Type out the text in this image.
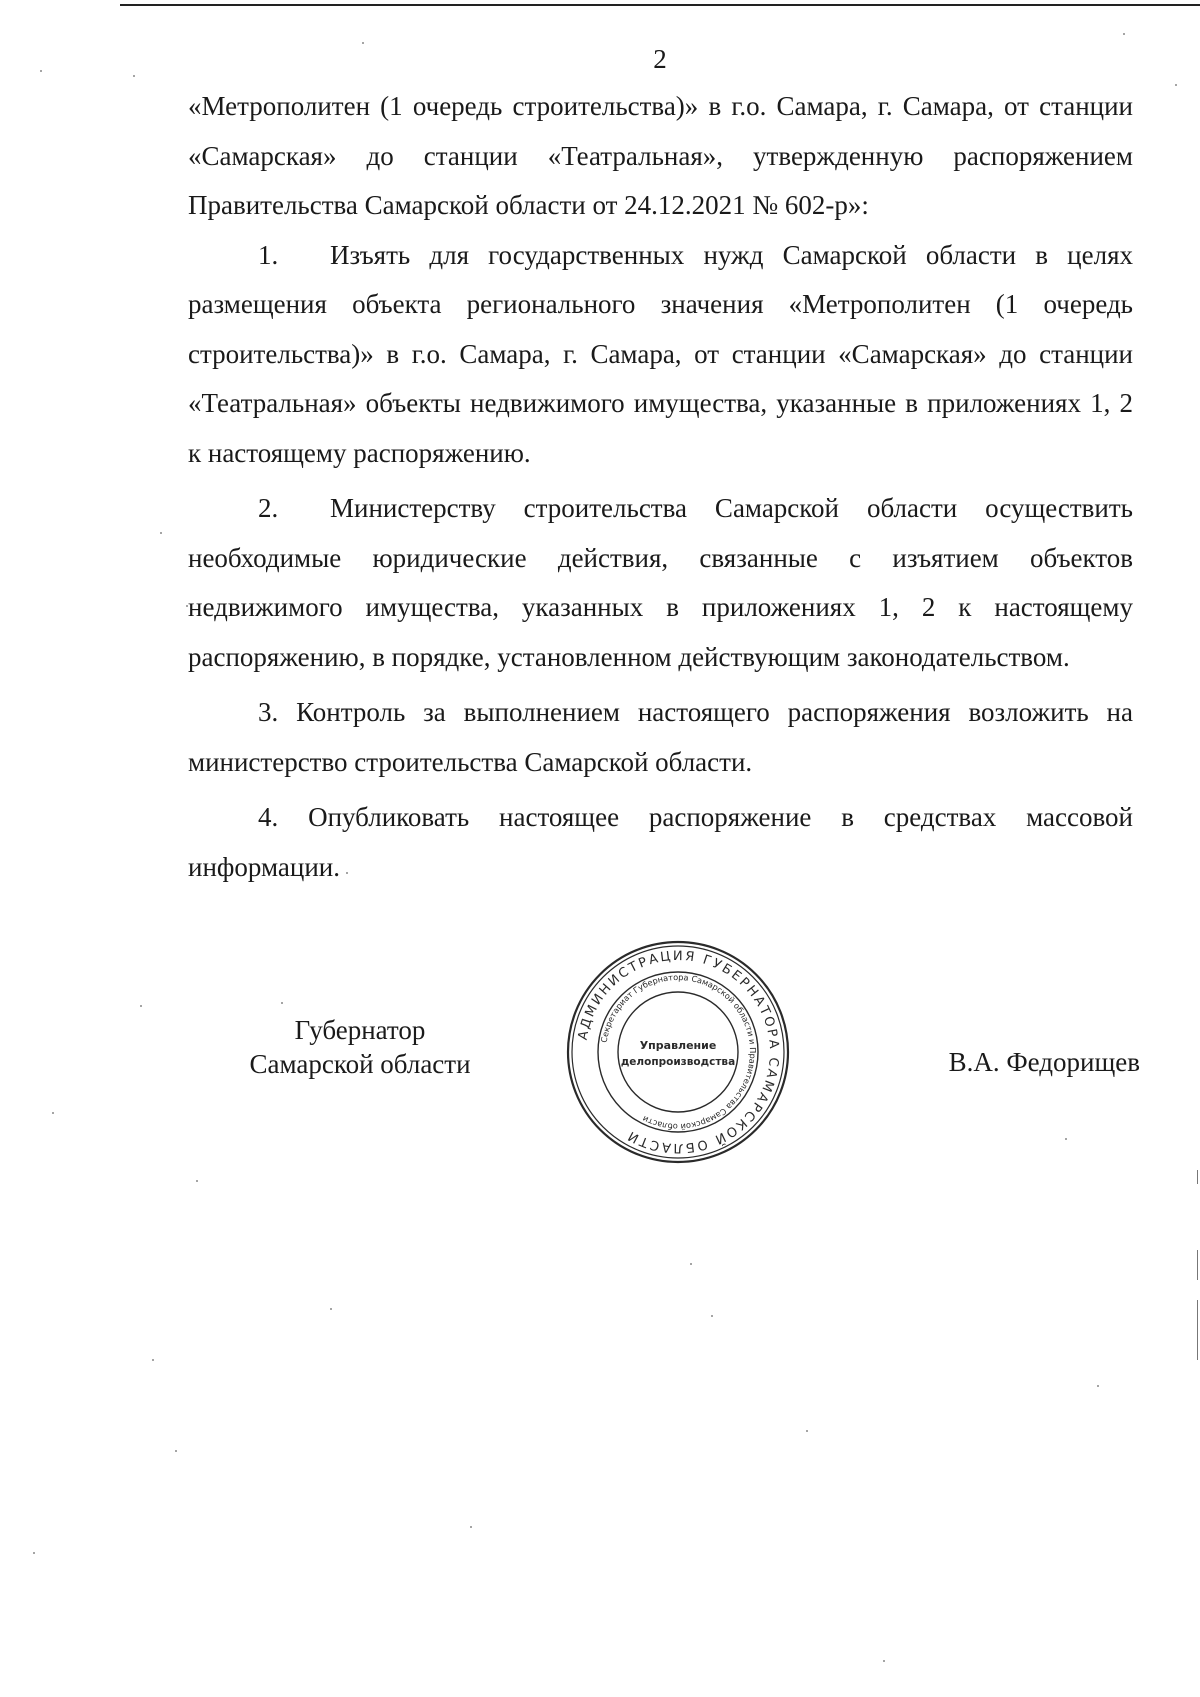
2

«Метрополитен (1 очередь строительства)» в г.о. Самара, г. Самара, от станции «Самарская» до станции «Театральная», утвержденную распоряжением Правительства Самарской области от 24.12.2021 № 602-р»:

1. Изъять для государственных нужд Самарской области в целях размещения объекта регионального значения «Метрополитен (1 очередь строительства)» в г.о. Самара, г. Самара, от станции «Самарская» до станции «Театральная» объекты недвижимого имущества, указанные в приложениях 1, 2 к настоящему распоряжению.

2. Министерству строительства Самарской области осуществить необходимые юридические действия, связанные с изъятием объектов недвижимого имущества, указанных в приложениях 1, 2 к настоящему распоряжению, в порядке, установленном действующим законодательством.

3. Контроль за выполнением настоящего распоряжения возложить на министерство строительства Самарской области.

4. Опубликовать настоящее распоряжение в средствах массовой информации.

Губернатор
Самарской области
АДМИНИСТРАЦИЯ ГУБЕРНАТОРА САМАРСКОЙ ОБЛАСТИ
Секретариат Губернатора Самарской области и Правительства Самарской области
Управление
делопроизводства	В.А. Федорищев
